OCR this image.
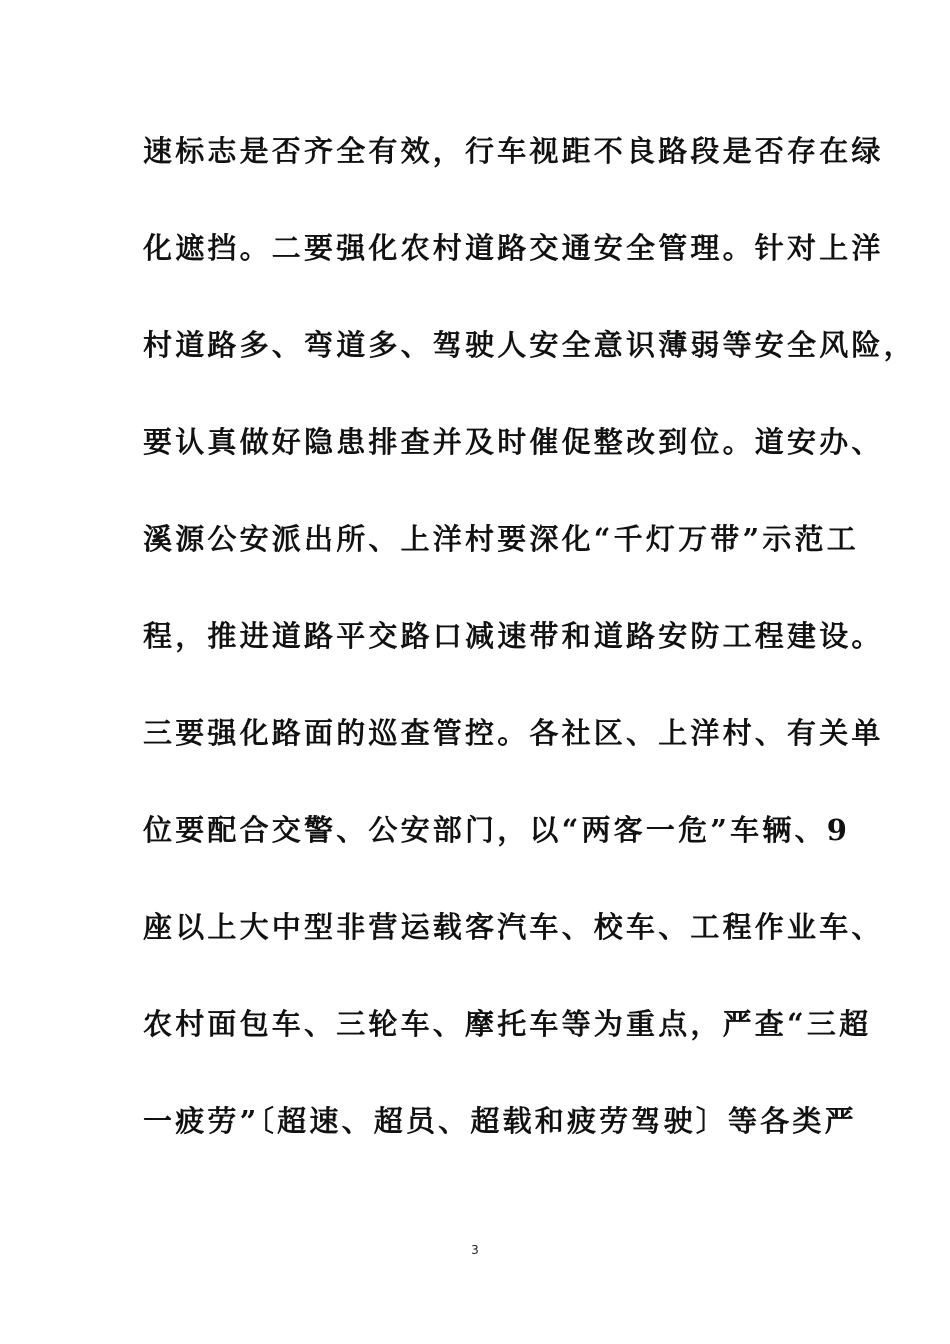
速标志是否齐全有效，行车视距不良路段是否存在绿
化遮挡。二要强化农村道路交通安全管理。针对上洋
村道路多、弯道多、驾驶人安全意识薄弱等安全风险，
要认真做好隐患排查并及时催促整改到位。道安办、
溪源公安派出所、上洋村要深化“千灯万带”示范工
程，推进道路平交路口减速带和道路安防工程建设。
三要强化路面的巡查管控。各社区、上洋村、有关单
位要配合交警、公安部门，以“两客一危”车辆、9
座以上大中型非营运载客汽车、校车、工程作业车、
农村面包车、三轮车、摩托车等为重点，严查“三超
一疲劳”〔超速、超员、超载和疲劳驾驶〕等各类严
3
